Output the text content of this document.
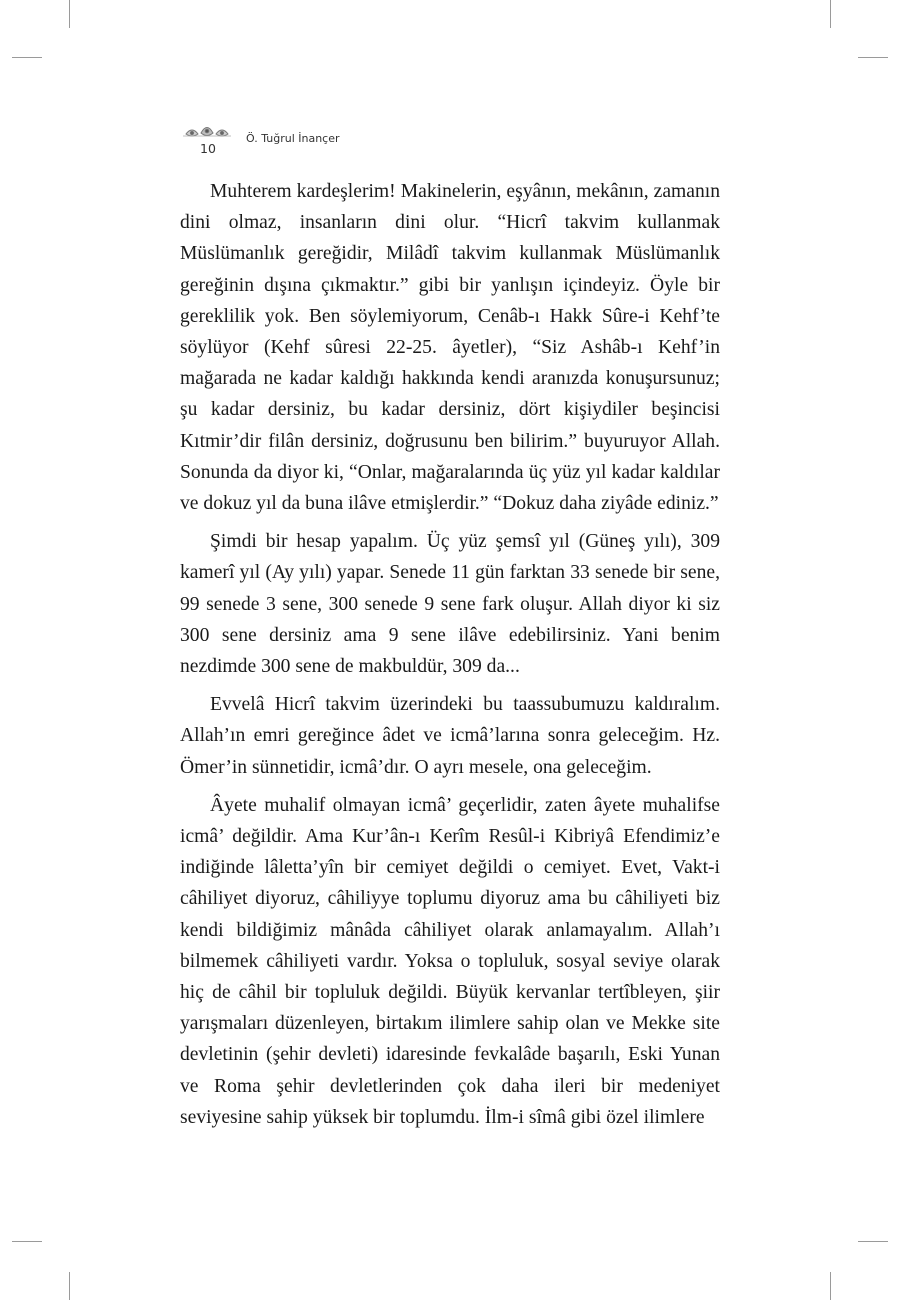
10
Ö. Tuğrul İnançer

Muhterem kardeşlerim! Makinelerin, eşyânın, mekânın, zamanın dini olmaz, insanların dini olur. “Hicrî takvim kullanmak Müslümanlık gereğidir, Milâdî takvim kullanmak Müslümanlık gereğinin dışına çıkmaktır.” gibi bir yanlışın içindeyiz. Öyle bir gereklilik yok. Ben söylemiyorum, Cenâb-ı Hakk Sûre-i Kehf’te söylüyor (Kehf sûresi 22-25. âyetler), “Siz Ashâb-ı Kehf’in mağarada ne kadar kaldığı hakkında kendi aranızda konuşursunuz; şu kadar dersiniz, bu kadar dersiniz, dört kişiydiler beşincisi Kıtmir’dir filân dersiniz, doğrusunu ben bilirim.” buyuruyor Allah. Sonunda da diyor ki, “Onlar, mağaralarında üç yüz yıl kadar kaldılar ve dokuz yıl da buna ilâve etmişlerdir.” “Dokuz daha ziyâde ediniz.”

Şimdi bir hesap yapalım. Üç yüz şemsî yıl (Güneş yılı), 309 kamerî yıl (Ay yılı) yapar. Senede 11 gün farktan 33 senede bir sene, 99 senede 3 sene, 300 senede 9 sene fark oluşur. Allah diyor ki siz 300 sene dersiniz ama 9 sene ilâve edebilirsiniz. Yani benim nezdimde 300 sene de makbuldür, 309 da...

Evvelâ Hicrî takvim üzerindeki bu taassubumuzu kaldıralım. Allah’ın emri gereğince âdet ve icmâ’larına sonra geleceğim. Hz. Ömer’in sünnetidir, icmâ’dır. O ayrı mesele, ona geleceğim.

Âyete muhalif olmayan icmâ’ geçerlidir, zaten âyete muhalifse icmâ’ değildir. Ama Kur’ân-ı Kerîm Resûl-i Kibriyâ Efendimiz’e indiğinde lâletta’yîn bir cemiyet değildi o cemiyet. Evet, Vakt-i câhiliyet diyoruz, câhiliyye toplumu diyoruz ama bu câhiliyeti biz kendi bildiğimiz mânâda câhiliyet olarak anlamayalım. Allah’ı bilmemek câhiliyeti vardır. Yoksa o topluluk, sosyal seviye olarak hiç de câhil bir topluluk değildi. Büyük kervanlar tertîbleyen, şiir yarışmaları düzenleyen, birtakım ilimlere sahip olan ve Mekke site devletinin (şehir devleti) idaresinde fevkalâde başarılı, Eski Yunan ve Roma şehir devletlerinden çok daha ileri bir medeniyet seviyesine sahip yüksek bir toplumdu. İlm-i sîmâ gibi özel ilimlere
